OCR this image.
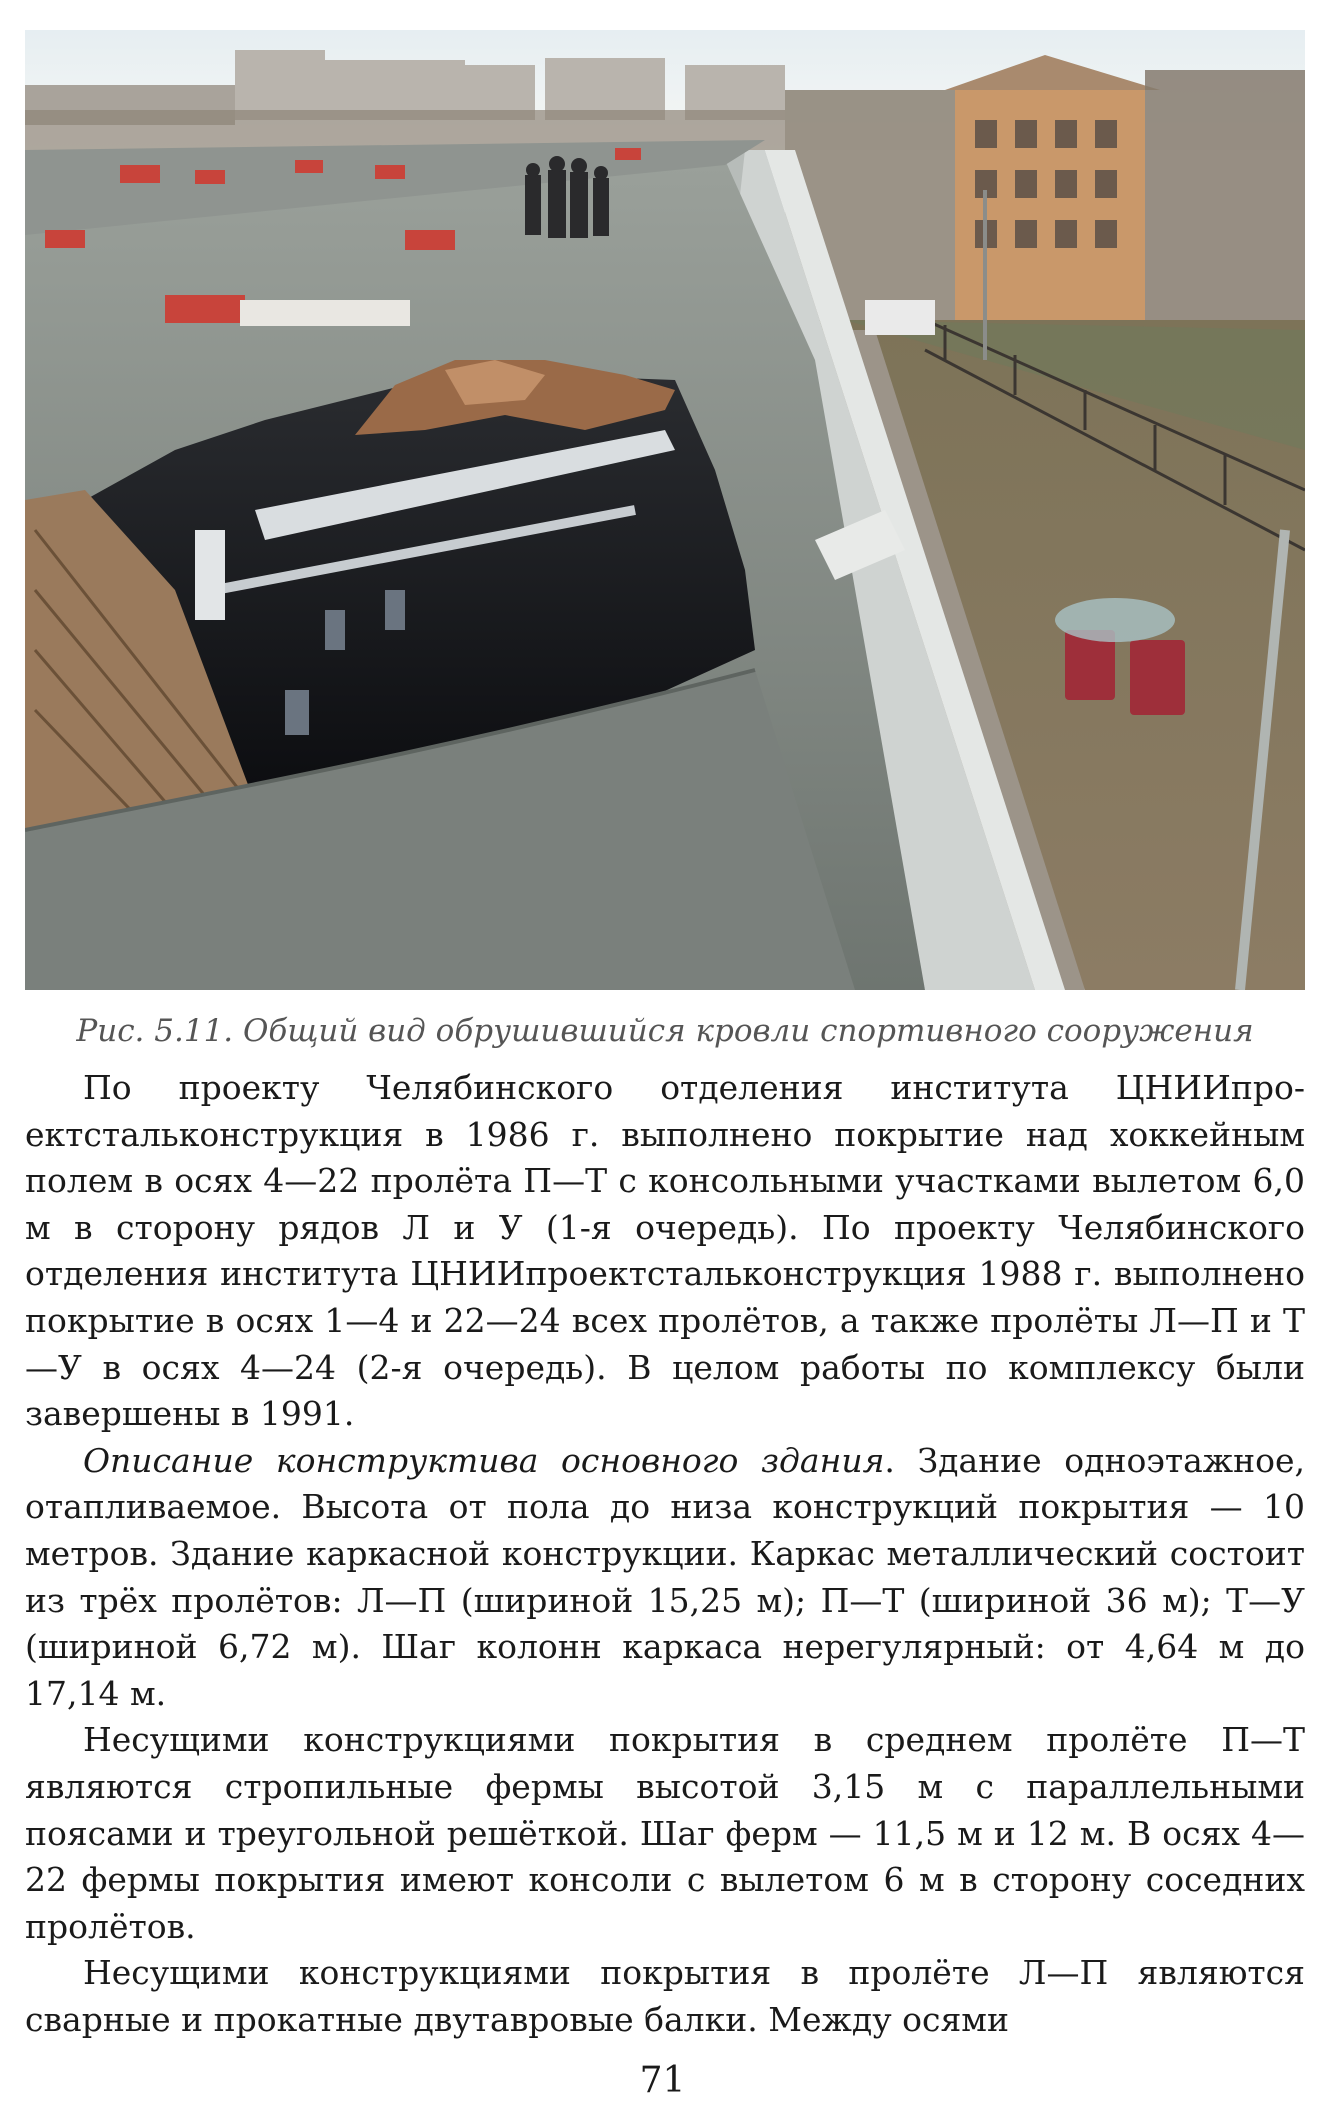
Рис. 5.11. Общий вид обрушившийся кровли спортивного сооружения

По проекту Челябинского отделения института ЦНИИпроектстальконструкция в 1986 г. выполнено покрытие над хоккейным полем в осях 4—22 пролёта П—Т с консольными участками вылетом 6,0 м в сторону рядов Л и У (1-я очередь). По проекту Челябинского отделения института ЦНИИпроектстальконструкция 1988 г. выполнено покрытие в осях 1—4 и 22—24 всех пролётов, а также пролёты Л—П и Т—У в осях 4—24 (2-я очередь). В целом работы по комплексу были завершены в 1991.

Описание конструктива основного здания. Здание одноэтажное, отапливаемое. Высота от пола до низа конструкций покрытия — 10 метров. Здание каркасной конструкции. Каркас металлический состоит из трёх пролётов: Л—П (шириной 15,25 м); П—Т (шириной 36 м); Т—У (шириной 6,72 м). Шаг колонн каркаса нерегулярный: от 4,64 м до 17,14 м.

Несущими конструкциями покрытия в среднем пролёте П—Т являются стропильные фермы высотой 3,15 м с параллельными поясами и треугольной решёткой. Шаг ферм — 11,5 м и 12 м. В осях 4—22 фермы покрытия имеют консоли с вылетом 6 м в сторону соседних пролётов.

Несущими конструкциями покрытия в пролёте Л—П являются сварные и прокатные двутавровые балки. Между осями

71
